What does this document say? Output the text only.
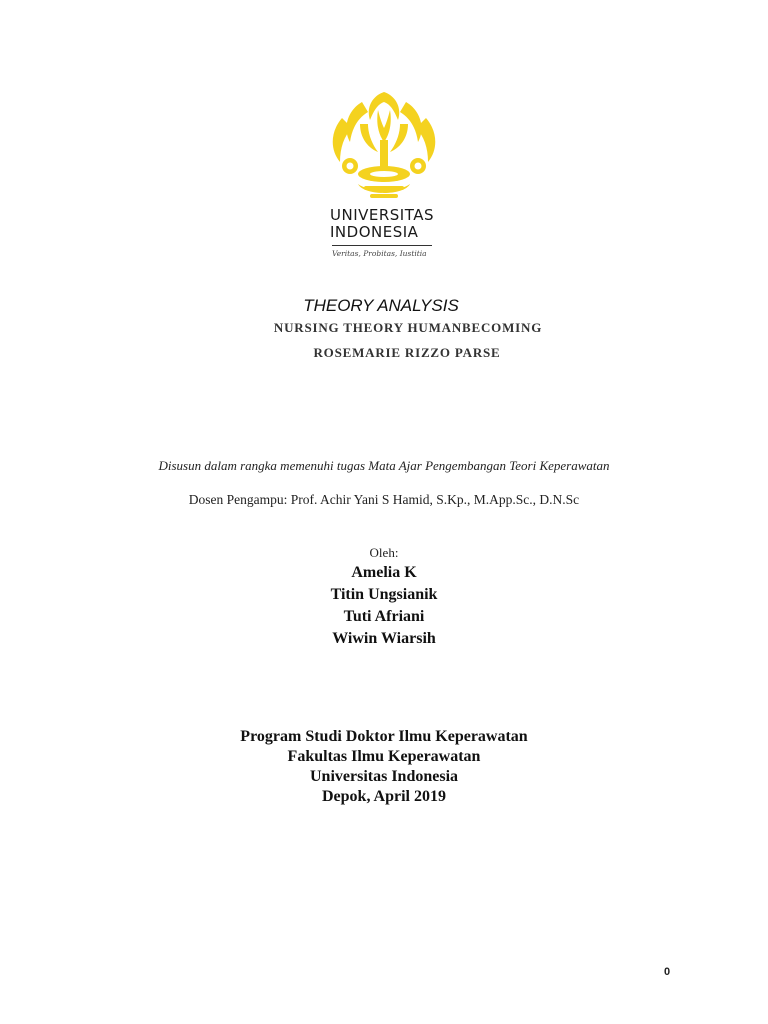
UNIVERSITAS
INDONESIA
Veritas, Probitas, Iustitia
THEORY ANALYSIS
NURSING THEORY HUMANBECOMING
ROSEMARIE RIZZO PARSE
Disusun dalam rangka memenuhi tugas Mata Ajar Pengembangan Teori Keperawatan
Dosen Pengampu: Prof. Achir Yani S Hamid, S.Kp., M.App.Sc., D.N.Sc
Oleh:
Amelia K
Titin Ungsianik
Tuti Afriani
Wiwin Wiarsih
Program Studi Doktor Ilmu Keperawatan
Fakultas Ilmu Keperawatan
Universitas Indonesia
Depok, April 2019
0
